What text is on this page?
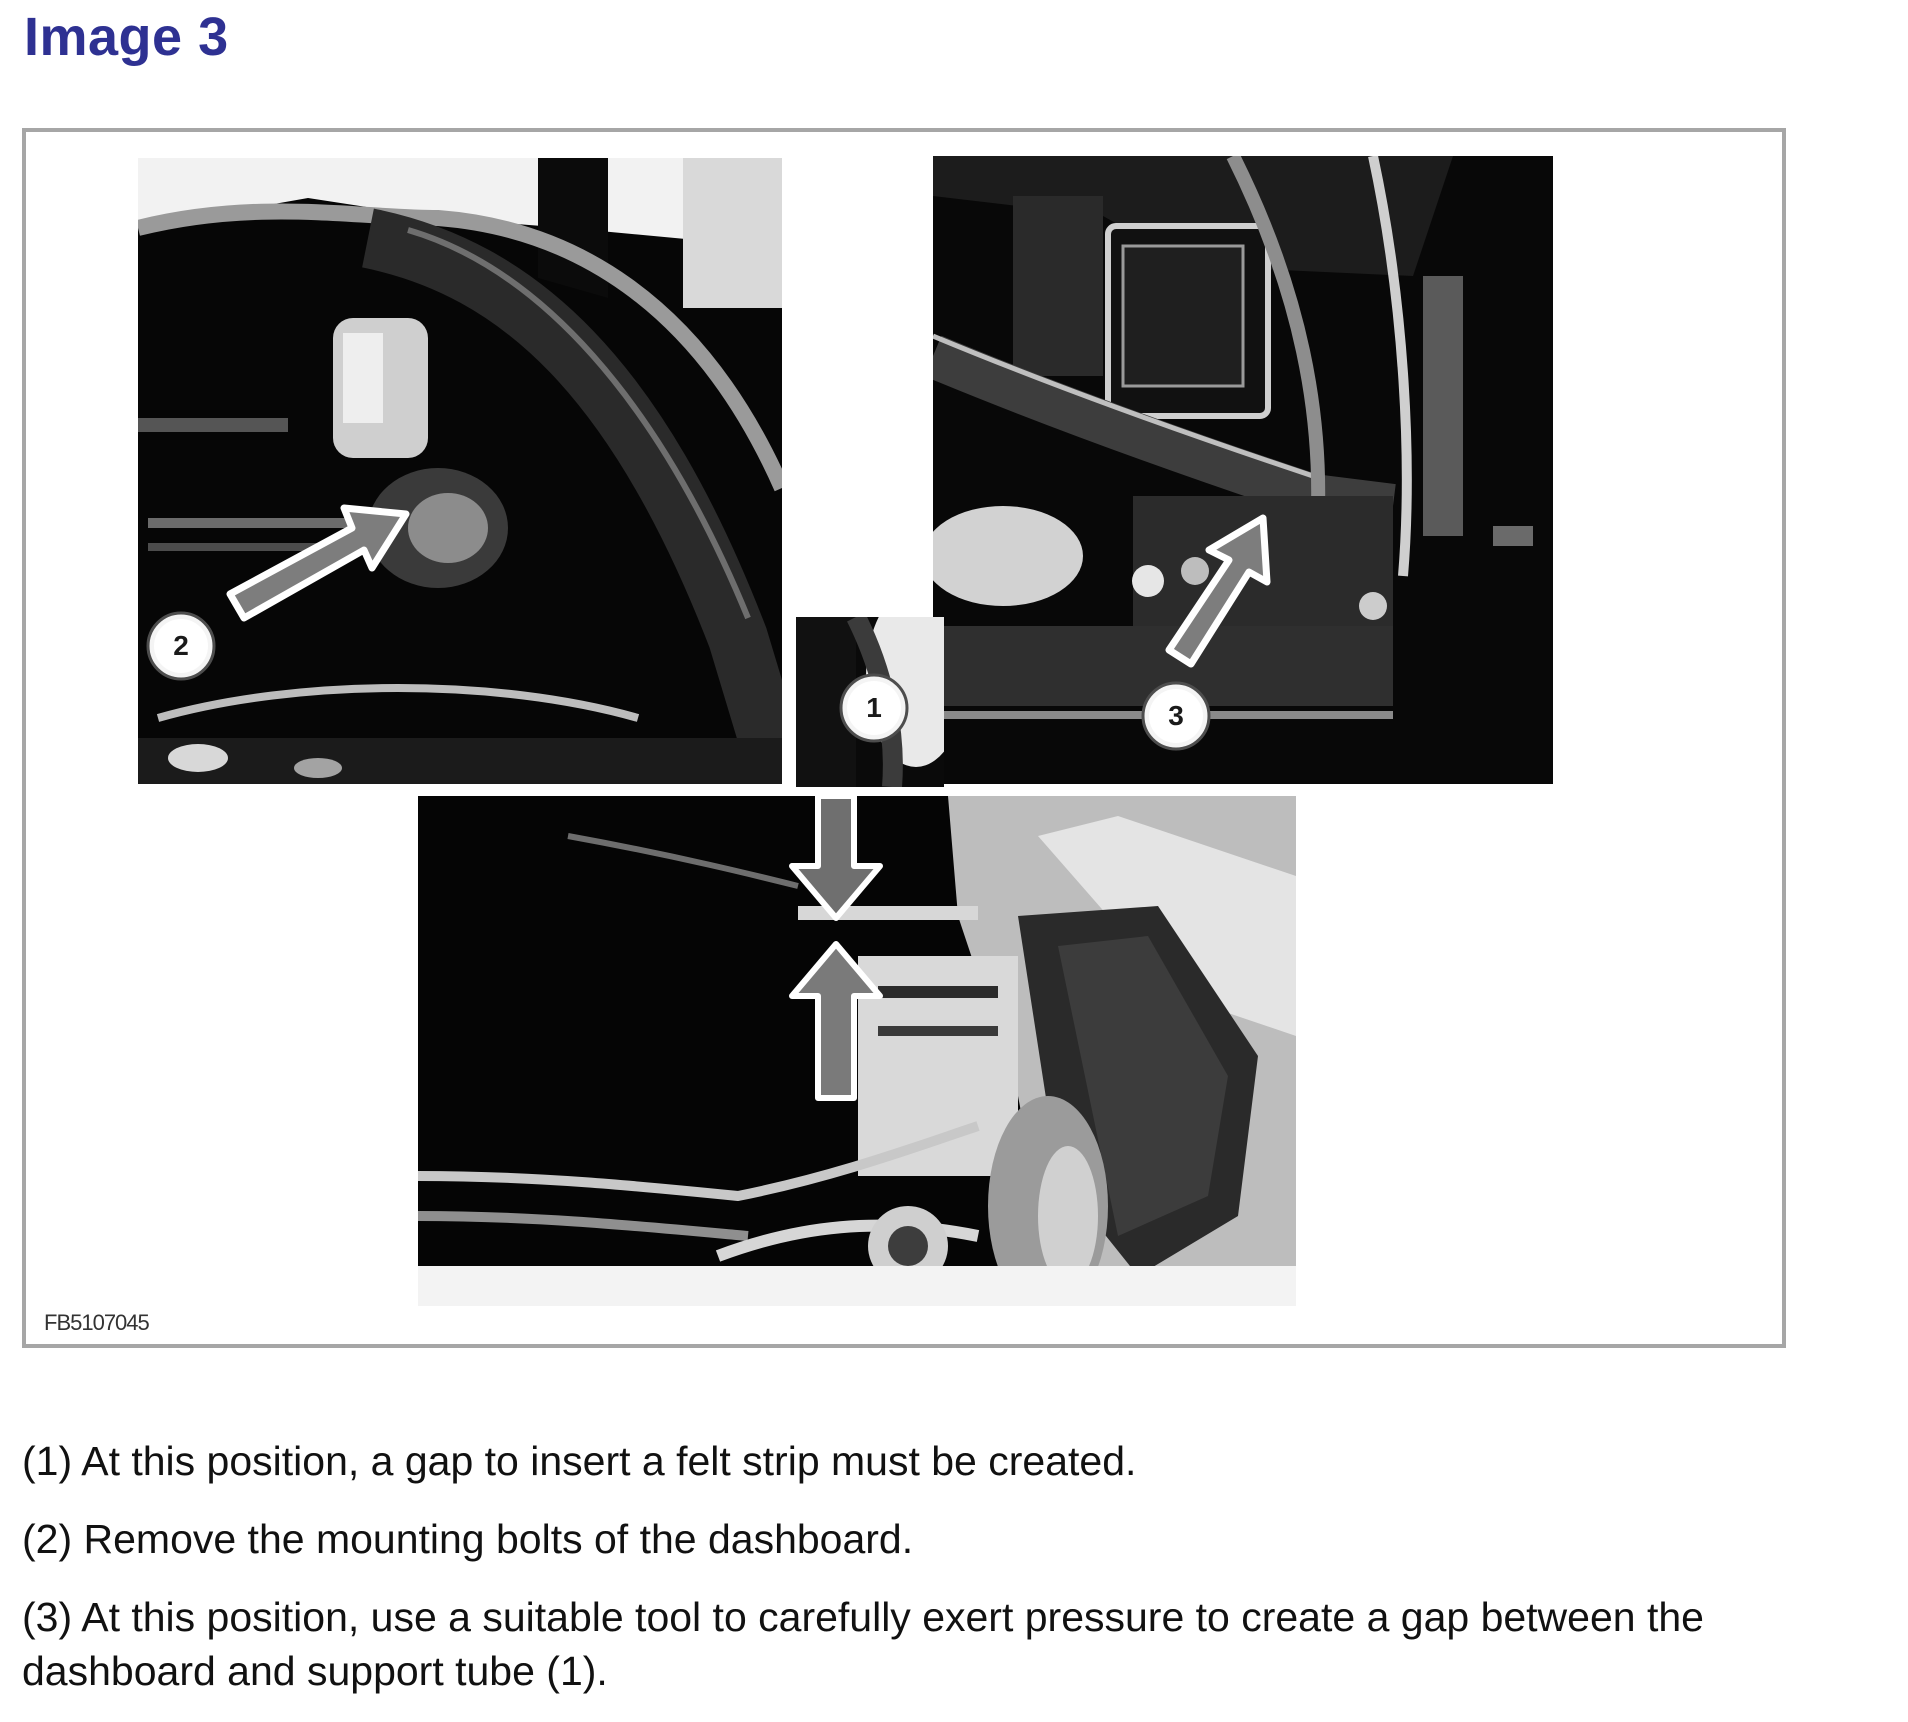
Image 3
2
1	3
FB5107045

(1) At this position, a gap to insert a felt strip must be created.

(2) Remove the mounting bolts of the dashboard.

(3) At this position, use a suitable tool to carefully exert pressure to create a gap between the dashboard and support tube (1).
